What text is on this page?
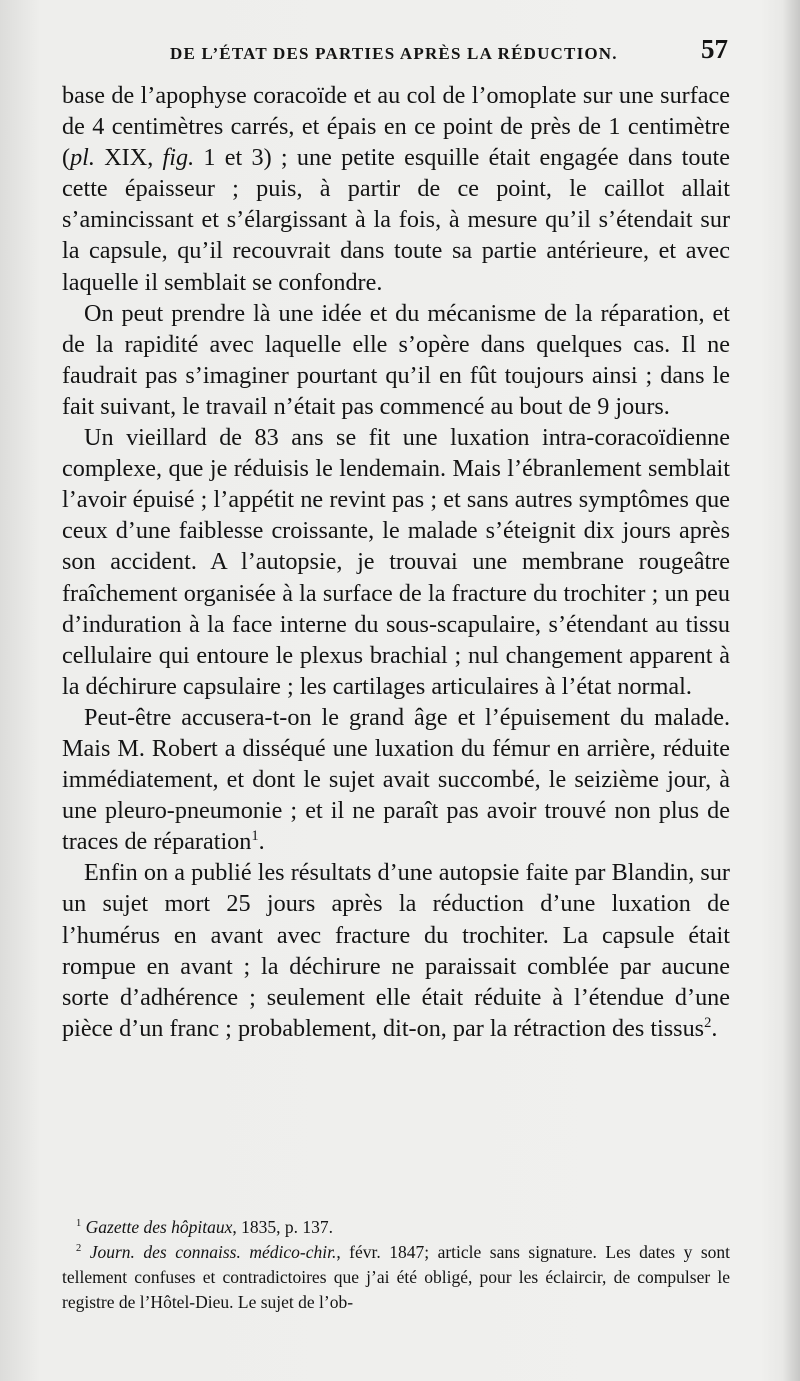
DE L’ÉTAT DES PARTIES APRÈS LA RÉDUCTION.	57

base de l’apophyse coracoïde et au col de l’omoplate sur une surface de 4 centimètres carrés, et épais en ce point de près de 1 centimètre (pl. XIX, fig. 1 et 3) ; une petite esquille était engagée dans toute cette épaisseur ; puis, à partir de ce point, le caillot allait s’amincissant et s’élargissant à la fois, à mesure qu’il s’étendait sur la capsule, qu’il recouvrait dans toute sa partie antérieure, et avec laquelle il semblait se confondre.

On peut prendre là une idée et du mécanisme de la réparation, et de la rapidité avec laquelle elle s’opère dans quelques cas. Il ne faudrait pas s’imaginer pourtant qu’il en fût toujours ainsi ; dans le fait suivant, le travail n’était pas commencé au bout de 9 jours.

Un vieillard de 83 ans se fit une luxation intra-coracoïdienne complexe, que je réduisis le lendemain. Mais l’ébranlement semblait l’avoir épuisé ; l’appétit ne revint pas ; et sans autres symptômes que ceux d’une faiblesse croissante, le malade s’éteignit dix jours après son accident. A l’autopsie, je trouvai une membrane rougeâtre fraîchement organisée à la surface de la fracture du trochiter ; un peu d’induration à la face interne du sous-scapulaire, s’étendant au tissu cellulaire qui entoure le plexus brachial ; nul changement apparent à la déchirure capsulaire ; les cartilages articulaires à l’état normal.

Peut-être accusera-t-on le grand âge et l’épuisement du malade. Mais M. Robert a disséqué une luxation du fémur en arrière, réduite immédiatement, et dont le sujet avait succombé, le seizième jour, à une pleuro-pneumonie ; et il ne paraît pas avoir trouvé non plus de traces de réparation$^1$.

Enfin on a publié les résultats d’une autopsie faite par Blandin, sur un sujet mort 25 jours après la réduction d’une luxation de l’humérus en avant avec fracture du trochiter. La capsule était rompue en avant ; la déchirure ne paraissait comblée par aucune sorte d’adhérence ; seulement elle était réduite à l’étendue d’une pièce d’un franc ; probablement, dit-on, par la rétraction des tissus$^2$.

$^1$ Gazette des hôpitaux, 1835, p. 137.

$^2$ Journ. des connaiss. médico-chir., févr. 1847; article sans signature. Les dates y sont tellement confuses et contradictoires que j’ai été obligé, pour les éclaircir, de compulser le registre de l’Hôtel-Dieu. Le sujet de l’ob-
